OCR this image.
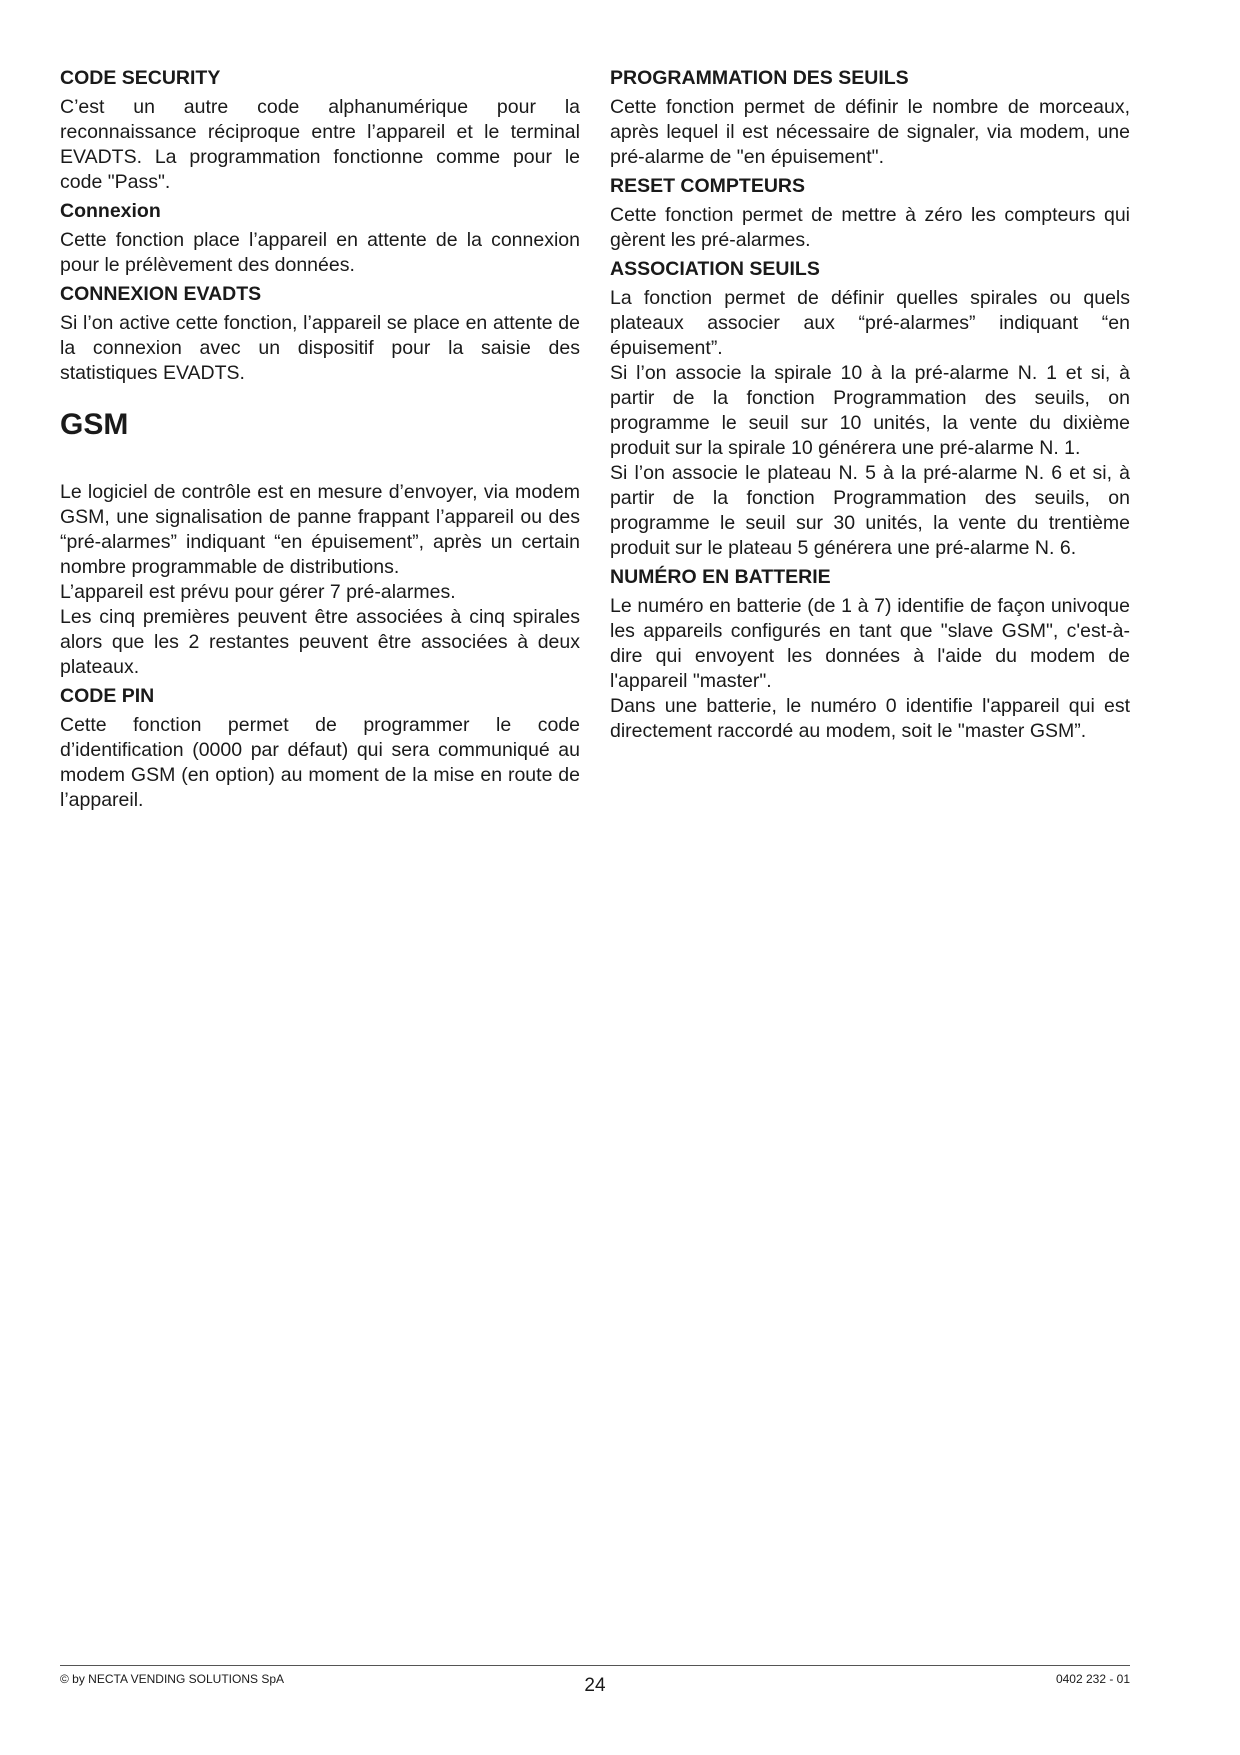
CODE SECURITY

C’est un autre code alphanumérique pour la reconnaissance réciproque entre l’appareil et le terminal EVADTS. La programmation fonctionne comme pour le code "Pass".

Connexion

Cette fonction place l’appareil en attente de la connexion pour le prélèvement des données.

CONNEXION EVADTS

Si l’on active cette fonction, l’appareil se place en attente de la connexion avec un dispositif pour la saisie des statistiques EVADTS.

GSM

Le logiciel de contrôle est en mesure d’envoyer, via modem GSM, une signalisation de panne frappant l’appareil ou des “pré-alarmes” indiquant “en épuisement”, après un certain nombre programmable de distributions.

L’appareil est prévu pour gérer 7 pré-alarmes.

Les cinq premières peuvent être associées à cinq spirales alors que les 2 restantes peuvent être associées à deux plateaux.

CODE PIN

Cette fonction permet de programmer le code d’identification (0000 par défaut) qui sera communiqué au modem GSM (en option) au moment de la mise en route de l’appareil.

PROGRAMMATION DES SEUILS

Cette fonction permet de définir le nombre de morceaux, après lequel il est nécessaire de signaler, via modem, une pré-alarme de "en épuisement".

RESET COMPTEURS

Cette fonction permet de mettre à zéro les compteurs qui gèrent les pré-alarmes.

ASSOCIATION SEUILS

La fonction permet de définir quelles spirales ou quels plateaux associer aux “pré-alarmes” indiquant “en épuisement”.

Si l’on associe la spirale 10 à la pré-alarme N. 1 et si, à partir de la fonction Programmation des seuils, on programme le seuil sur 10 unités, la vente du dixième produit sur la spirale 10 générera une pré-alarme N. 1.

Si l’on associe le plateau N. 5 à la pré-alarme N. 6 et si, à partir de la fonction Programmation des seuils, on programme le seuil sur 30 unités, la vente du trentième produit sur le plateau 5 générera une pré-alarme N. 6.

NUMÉRO EN BATTERIE

Le numéro en batterie (de 1 à 7) identifie de façon univoque les appareils configurés en tant que "slave GSM", c'est-à-dire qui envoyent les données à l'aide du modem de l'appareil "master".

Dans une batterie, le numéro 0 identifie l'appareil qui est directement raccordé au modem, soit le "master GSM”.

© by NECTA VENDING SOLUTIONS SpA	24	0402 232 - 01
